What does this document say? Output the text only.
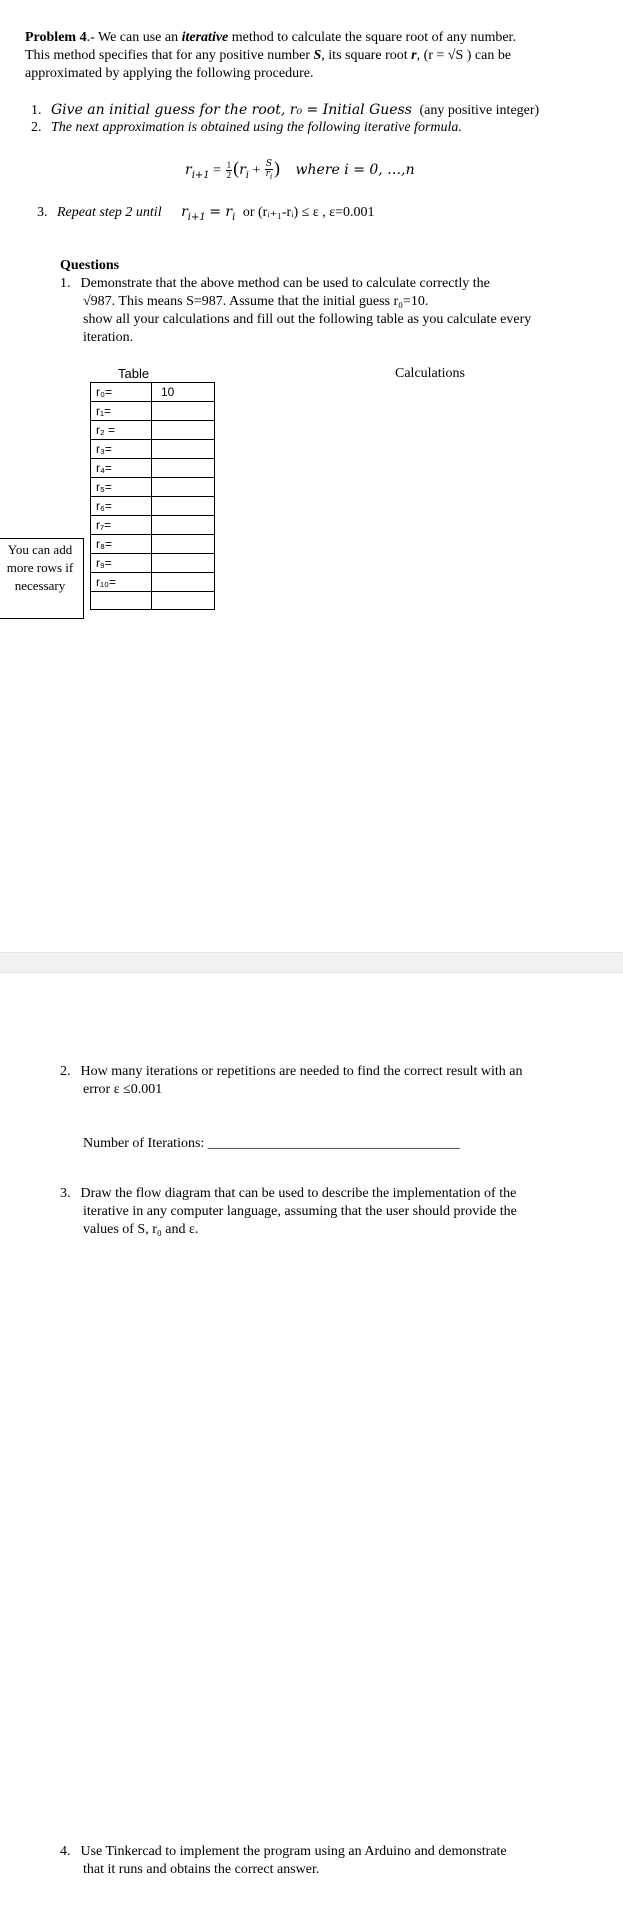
Problem 4.- We can use an iterative method to calculate the square root of any number.
This method specifies that for any positive number S, its square root r, (r = √S ) can be
approximated by applying the following procedure.
1. Give an initial guess for the root, r₀ = Initial Guess (any positive integer)
2. The next approximation is obtained using the following iterative formula.
$r_{i+1} = \frac{1}{2} (r_i + \frac{S}{r_i}$ ) where i = 0, …,n
3. Repeat step 2 until $r_{i+1} = r_i$ or (rᵢ₊₁-rᵢ) ≤ ε , ε=0.001
Questions
1. Demonstrate that the above method can be used to calculate correctly the
√987. This means S=987. Assume that the initial guess r₀=10.
show all your calculations and fill out the following table as you calculate every
iteration.
Table	Calculations
You can add more rows if necessary
r₀=	10
r₁=	
r₂ =	
r₃=	
r₄=	
r₅=	
r₆=	
r₇=	
r₈=	
r₉=	
r₁₀=	

2. How many iterations or repetitions are needed to find the correct result with an
error ε ≤0.001
Number of Iterations: ____________________________________
3. Draw the flow diagram that can be used to describe the implementation of the
iterative in any computer language, assuming that the user should provide the
values of S, r₀ and ε.
4. Use Tinkercad to implement the program using an Arduino and demonstrate
that it runs and obtains the correct answer.
